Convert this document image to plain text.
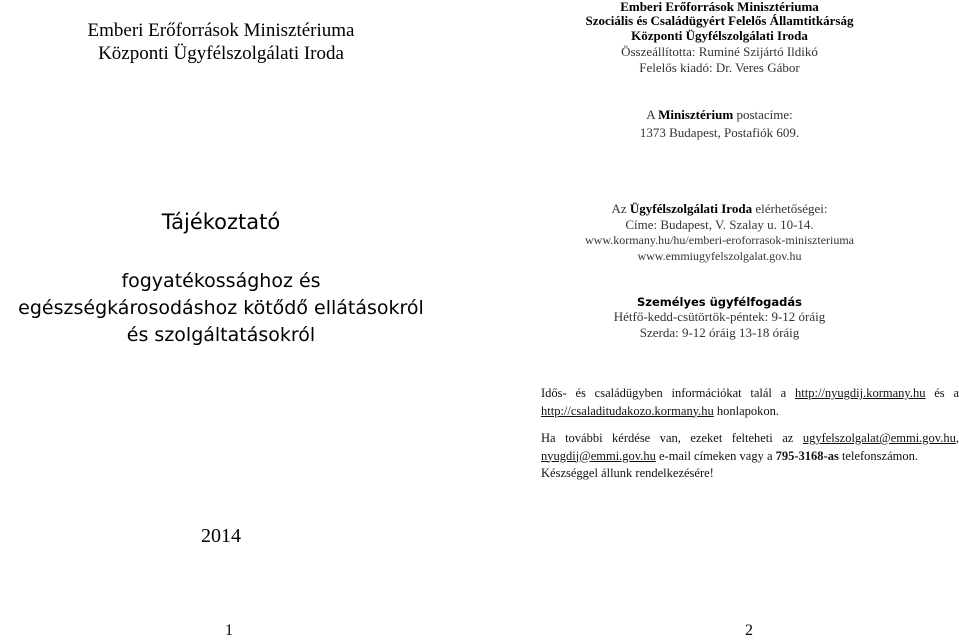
Emberi Erőforrások Minisztériuma
Központi Ügyfélszolgálati Iroda
Tájékoztató
fogyatékossághoz és
egészségkárosodáshoz kötődő ellátásokról
és szolgáltatásokról
2014
1
Emberi Erőforrások Minisztériuma
Szociális és Családügyért Felelős Államtitkárság
Központi Ügyfélszolgálati Iroda
Összeállította: Ruminé Szijártó Ildikó
Felelős kiadó: Dr. Veres Gábor
A Minisztérium postacíme:
1373 Budapest, Postafiók 609.
Az Ügyfélszolgálati Iroda elérhetőségei:
Címe: Budapest, V. Szalay u. 10-14.
www.kormany.hu/hu/emberi-eroforrasok-miniszteriuma
www.emmiugyfelszolgalat.gov.hu
Személyes ügyfélfogadás
Hétfő-kedd-csütörtök-péntek: 9-12 óráig
Szerda: 9-12 óráig 13-18 óráig
Idős- és családügyben információkat talál a http://nyugdij.kormany.hu és a http://csaladitudakozo.kormany.hu honlapokon.
Ha további kérdése van, ezeket felteheti az ugyfelszolgalat@emmi.gov.hu, nyugdij@emmi.gov.hu e-mail címeken vagy a 795-3168-as telefonszámon.
Készséggel állunk rendelkezésére!
2
